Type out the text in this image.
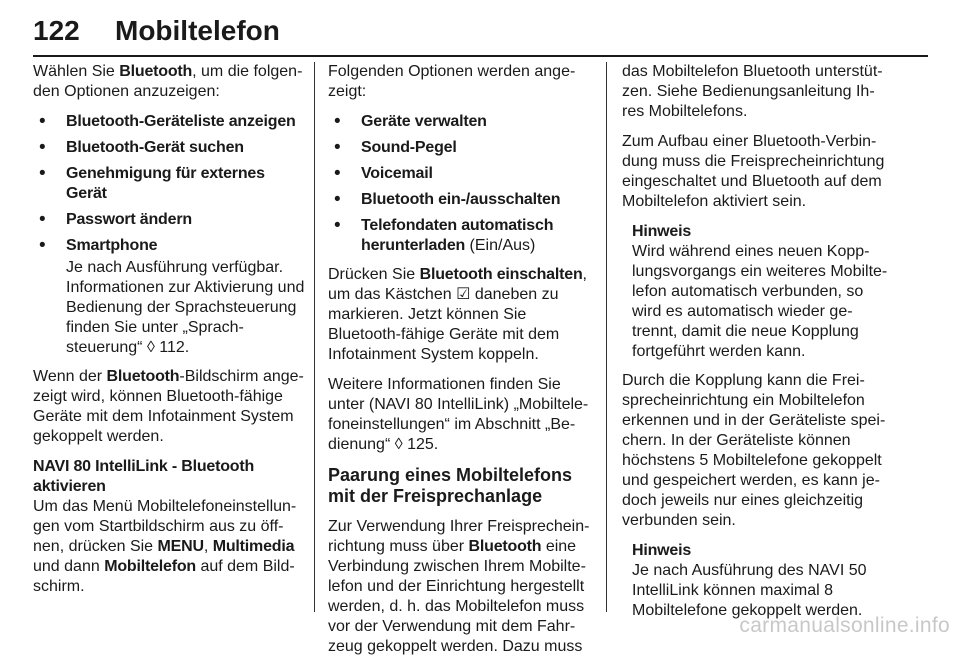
122 Mobiltelefon

Wählen Sie Bluetooth, um die folgenden Optionen anzuzeigen:

• Bluetooth-Geräteliste anzeigen
• Bluetooth-Gerät suchen
• Genehmigung für externes Gerät
• Passwort ändern
• Smartphone
Je nach Ausführung verfügbar. Informationen zur Aktivierung und Bedienung der Sprachsteuerung finden Sie unter „Sprachsteuerung“ ◊ 112.

Wenn der Bluetooth-Bildschirm angezeigt wird, können Bluetooth-fähige Geräte mit dem Infotainment System gekoppelt werden.

NAVI 80 IntelliLink - Bluetooth aktivieren

Um das Menü Mobiltelefoneinstellungen vom Startbildschirm aus zu öffnen, drücken Sie MENU, Multimedia und dann Mobiltelefon auf dem Bildschirm.

Folgenden Optionen werden angezeigt:

• Geräte verwalten
• Sound-Pegel
• Voicemail
• Bluetooth ein-/ausschalten
• Telefondaten automatisch herunterladen (Ein/Aus)

Drücken Sie Bluetooth einschalten, um das Kästchen ☑ daneben zu markieren. Jetzt können Sie Bluetooth-fähige Geräte mit dem Infotainment System koppeln.

Weitere Informationen finden Sie unter (NAVI 80 IntelliLink) „Mobiltelefoneinstellungen“ im Abschnitt „Bedienung“ ◊ 125.

Paarung eines Mobiltelefons mit der Freisprechanlage

Zur Verwendung Ihrer Freisprecheinrichtung muss über Bluetooth eine Verbindung zwischen Ihrem Mobiltelefon und der Einrichtung hergestellt werden, d. h. das Mobiltelefon muss vor der Verwendung mit dem Fahrzeug gekoppelt werden. Dazu muss

das Mobiltelefon Bluetooth unterstützen. Siehe Bedienungsanleitung Ihres Mobiltelefons.

Zum Aufbau einer Bluetooth-Verbindung muss die Freisprecheinrichtung eingeschaltet und Bluetooth auf dem Mobiltelefon aktiviert sein.

Hinweis
Wird während eines neuen Kopplungsvorgangs ein weiteres Mobiltelefon automatisch verbunden, so wird es automatisch wieder getrennt, damit die neue Kopplung fortgeführt werden kann.

Durch die Kopplung kann die Freisprecheinrichtung ein Mobiltelefon erkennen und in der Geräteliste speichern. In der Geräteliste können höchstens 5 Mobiltelefone gekoppelt und gespeichert werden, es kann jedoch jeweils nur eines gleichzeitig verbunden sein.

Hinweis
Je nach Ausführung des NAVI 50 IntelliLink können maximal 8 Mobiltelefone gekoppelt werden.
carmanualsonline.info
